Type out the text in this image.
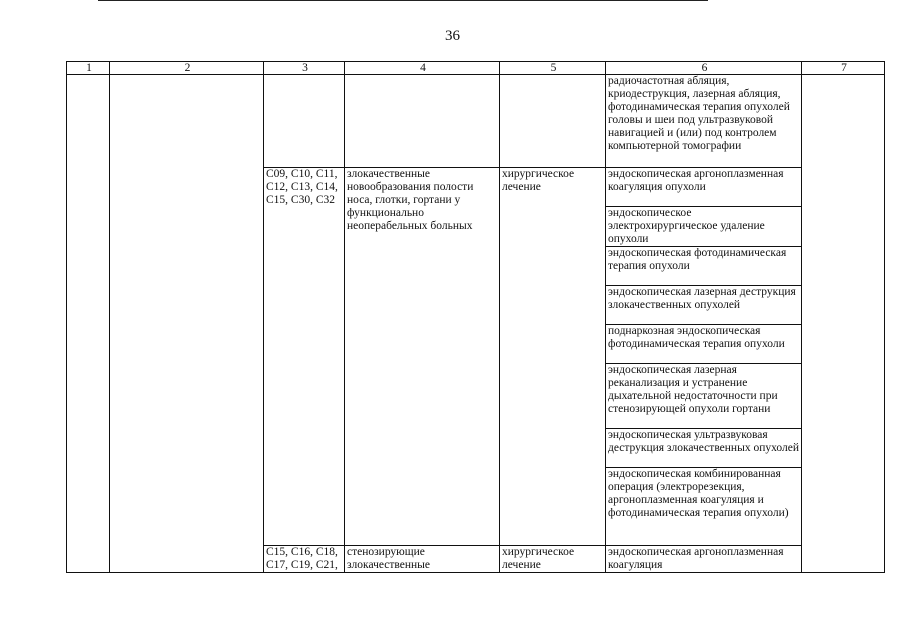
36
1	2	3	4	5	6	7
					радиочастотная абляция, криодеструкция, лазерная абляция, фотодинамическая терапия опухолей головы и шеи под ультразвуковой навигацией и (или) под контролем компьютерной томографии	
		C09, C10, C11, C12, C13, C14, C15, C30, C32	злокачественные новообразования полости носа, глотки, гортани у функционально неоперабельных больных	хирургическое лечение	эндоскопическая аргоноплазменная коагуляция опухоли	
					эндоскопическое электрохирургическое удаление опухоли	
					эндоскопическая фотодинамическая терапия опухоли	
					эндоскопическая лазерная деструкция злокачественных опухолей	
					поднаркозная эндоскопическая фотодинамическая терапия опухоли	
					эндоскопическая лазерная реканализация и устранение дыхательной недостаточности при стенозирующей опухоли гортани	
					эндоскопическая ультразвуковая деструкция злокачественных опухолей	
					эндоскопическая комбинированная операция (электрорезекция, аргоноплазменная коагуляция и фотодинамическая терапия опухоли)	
		C15, C16, C18, C17, C19, C21,	стенозирующие злокачественные	хирургическое лечение	эндоскопическая аргоноплазменная коагуляция	
